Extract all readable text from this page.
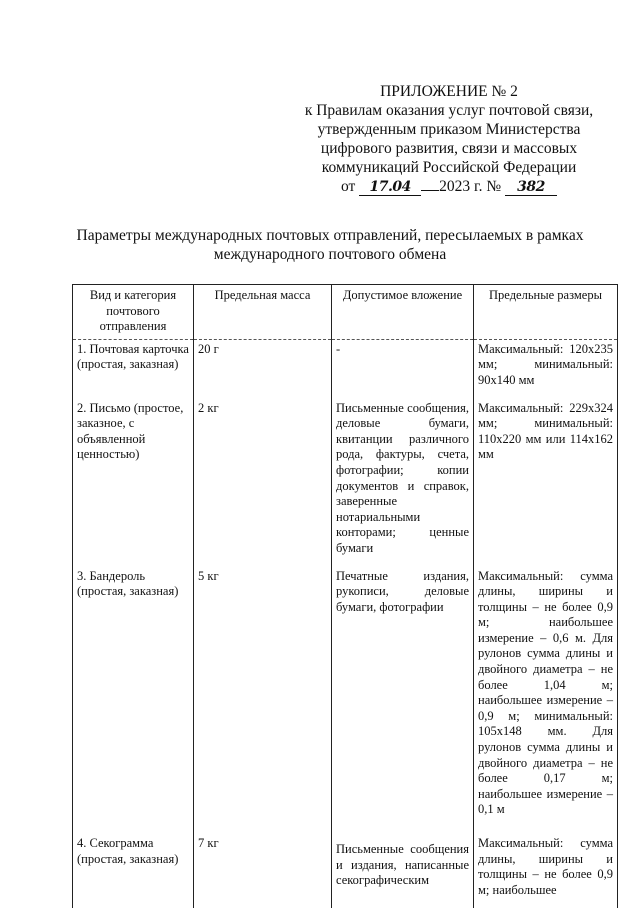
ПРИЛОЖЕНИЕ № 2
к Правилам оказания услуг почтовой связи,
утвержденным приказом Министерства
цифрового развития, связи и массовых
коммуникаций Российской Федерации
от 17.04 2023 г. № 382
Параметры международных почтовых отправлений, пересылаемых в рамках
международного почтового обмена
Вид и категория почтового отправления	Предельная масса	Допустимое вложение	Предельные размеры
1. Почтовая карточка (простая, заказная)	20 г	-	Максимальный: 120x235 мм; минимальный: 90x140 мм
2. Письмо (простое, заказное, с объявленной ценностью)	2 кг	Письменные сообщения, деловые бумаги, квитанции различного рода, фактуры, счета, фотографии; копии документов и справок, заверенные нотариальными конторами; ценные бумаги	Максимальный: 229x324 мм; минимальный: 110x220 мм или 114x162 мм
3. Бандероль (простая, заказная)	5 кг	Печатные издания, рукописи, деловые бумаги, фотографии	Максимальный: сумма длины, ширины и толщины – не более 0,9 м; наибольшее измерение – 0,6 м. Для рулонов сумма длины и двойного диаметра – не более 1,04 м; наибольшее измерение – 0,9 м; минимальный: 105x148 мм. Для рулонов сумма длины и двойного диаметра – не более 0,17 м; наибольшее измерение – 0,1 м
4. Секограмма (простая, заказная)	7 кг	Письменные сообщения и издания, написанные секографическим	Максимальный: сумма длины, ширины и толщины – не более 0,9 м; наибольшее
